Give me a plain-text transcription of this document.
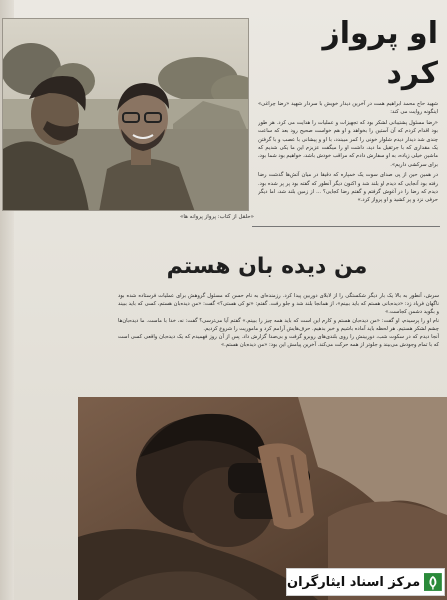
«حلقل از کتاب: پرواز پروانه ها»
او پرواز کرد

شهید حاج محمد ابراهیم همت در آخرین دیدار خویش با سردار شهید «رضا چراغی» اینگونه روایت می کند:

«رضا مسئول پشتیبانی لشکر بود که تجهیزات و عملیات را هدایت می کرد. هر طور بود اقدام کردم که آن آستین را بخواهد و او هم خواست صحیح رود بعد که ساعت چندی شد دیدار دیدم شلوار خونی را کمر میبندد، با او و پیشانی با عصب و با گرفتن یک مقداری که با جرثقیل ما دید، داشت او را میگفت عزیزم این ما یکی شدیم که ماشین خیلی زیاده، به او سفارش دادم که مراقب خودش باشد، خواهیم بود شما بود، برای سرکشی داریم».

در همین حین از پی صدای سوت یک خمپاره که دقیقا در میان آتش‌ها گذشت رضا رفته بود آنجایی که دیدم او بلند شد و اکنون دیگر آنطور که گفته بود پر پر شده بود. دیدم که رضا را در آغوش گرفتم و گفتم رضا کجایی؟ ... از زمین بلند شد، اما دیگر حرفی نزد و پر کشید و او پرواز کرد.»

من دیده بان هستم

سرش، آنطور به بالا یک بار دیگر شکستگی را از لابلای دوربین پیدا کرد. رزمنده‌ای به نام حسن که مسئول گروهش برای عملیات فرستاده شده بود ناگهان فریاد زد: «دیده‌بانی هستم که باید ببینم»، از همانجا بلند شد و جلو رفت. گفتم: «تو کی هستی؟» گفت: «من دیده‌بان هستم، کسی که باید ببیند و بگوید دشمن کجاست.»

نام او را پرسیدم، او گفت: «من دیده‌بان هستم و کارم این است که باید همه چیز را ببینم.» گفتم آیا می‌ترسی؟ گفت: نه، خدا با ماست. ما دیده‌بان‌ها چشم لشکر هستیم. هر لحظه باید آماده باشیم و خبر بدهیم. حرف‌هایش آرامم کرد و ماموریت را شروع کردیم.

آنجا دیدم که در سکوت شب، دوربینش را روی بلندی‌های روبرو گرفت و بی‌صدا گزارش داد. پس از آن روز فهمیدم که یک دیده‌بان واقعی کسی است که با تمام وجودش می‌بیند و جلوتر از همه حرکت می‌کند. آخرین پیامش این بود: «من دیده‌بان هستم.»

مرکز اسناد ایثارگران
